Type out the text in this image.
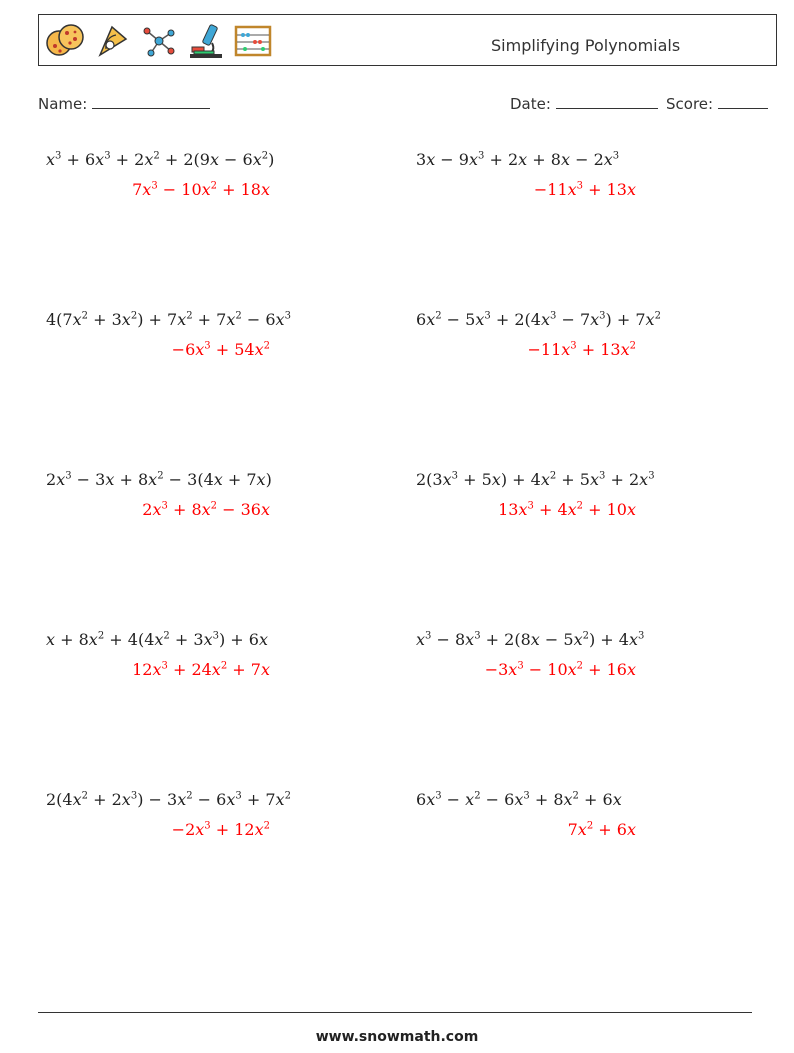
Simplifying Polynomials
Name:	Date:	Score:
$x^3 + 6x^3 + 2x^2 + 2(9x - 6x^2)$
$7x^3 - 10x^2 + 18x$
$3x - 9x^3 + 2x + 8x - 2x^3$
$-11x^3 + 13x$
$4(7x^2 + 3x^2) + 7x^2 + 7x^2 - 6x^3$
$-6x^3 + 54x^2$
$6x^2 - 5x^3 + 2(4x^3 - 7x^3) + 7x^2$
$-11x^3 + 13x^2$
$2x^3 - 3x + 8x^2 - 3(4x + 7x)$
$2x^3 + 8x^2 - 36x$
$2(3x^3 + 5x) + 4x^2 + 5x^3 + 2x^3$
$13x^3 + 4x^2 + 10x$
$x + 8x^2 + 4(4x^2 + 3x^3) + 6x$
$12x^3 + 24x^2 + 7x$
$x^3 - 8x^3 + 2(8x - 5x^2) + 4x^3$
$-3x^3 - 10x^2 + 16x$
$2(4x^2 + 2x^3) - 3x^2 - 6x^3 + 7x^2$
$-2x^3 + 12x^2$
$6x^3 - x^2 - 6x^3 + 8x^2 + 6x$
$7x^2 + 6x$
www.snowmath.com
